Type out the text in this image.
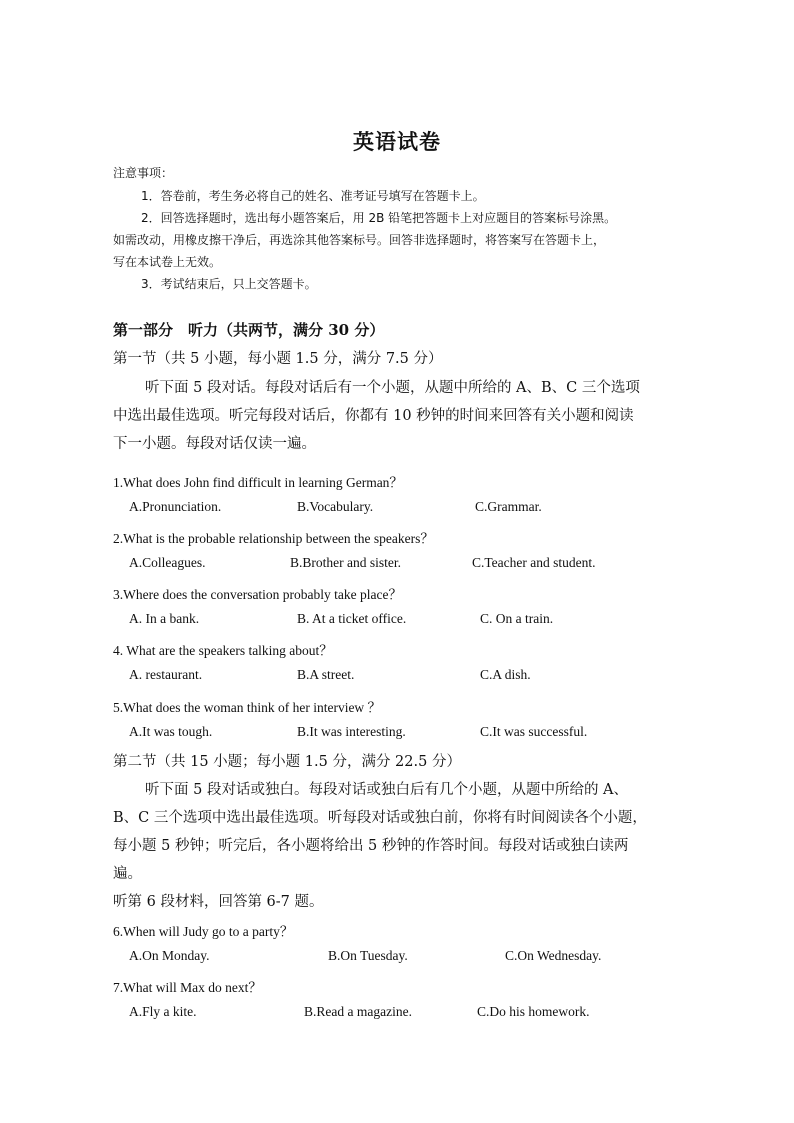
英语试卷
注意事项：
1．答卷前，考生务必将自己的姓名、准考证号填写在答题卡上。
2．回答选择题时，选出每小题答案后，用 2B 铅笔把答题卡上对应题目的答案标号涂黑。
如需改动，用橡皮擦干净后，再选涂其他答案标号。回答非选择题时，将答案写在答题卡上，
写在本试卷上无效。
3．考试结束后，只上交答题卡。
第一部分　听力（共两节，满分 30 分）
第一节（共 5 小题，每小题 1.5 分，满分 7.5 分）
听下面 5 段对话。每段对话后有一个小题，从题中所给的 A、B、C 三个选项
中选出最佳选项。听完每段对话后，你都有 10 秒钟的时间来回答有关小题和阅读
下一小题。每段对话仅读一遍。
1.What does John find difficult in learning German？
A.Pronunciation.	B.Vocabulary.	C.Grammar.
2.What is the probable relationship between the speakers？
A.Colleagues.	B.Brother and sister.	C.Teacher and student.
3.Where does the conversation probably take place？
A. In a bank.	B. At a ticket office.	C. On a train.
4. What are the speakers talking about？
A. restaurant.	B.A street.	C.A dish.
5.What does the woman think of her interview ？
A.It was tough.	B.It was interesting.	C.It was successful.
第二节（共 15 小题；每小题 1.5 分，满分 22.5 分）
听下面 5 段对话或独白。每段对话或独白后有几个小题，从题中所给的 A、
B、C 三个选项中选出最佳选项。听每段对话或独白前，你将有时间阅读各个小题，
每小题 5 秒钟；听完后，各小题将给出 5 秒钟的作答时间。每段对话或独白读两
遍。
听第 6 段材料，回答第 6-7 题。
6.When will Judy go to a party？
A.On Monday.	B.On Tuesday.	C.On Wednesday.
7.What will Max do next？
A.Fly a kite.	B.Read a magazine.	C.Do his homework.
